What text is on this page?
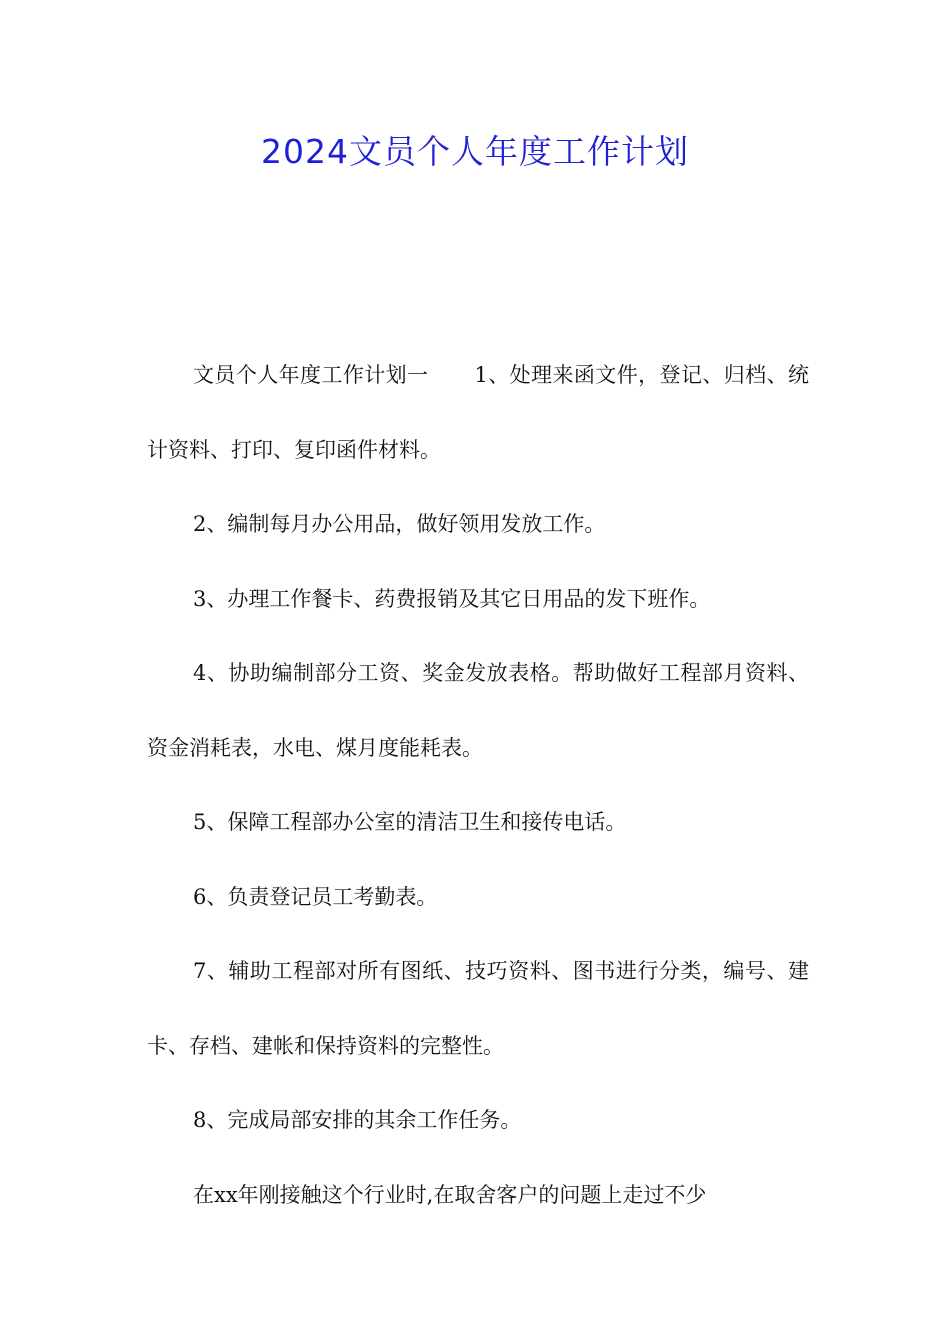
2024文员个人年度工作计划

文员个人年度工作计划一 1、处理来函文件，登记、归档、统计资料、打印、复印函件材料。

2、编制每月办公用品，做好领用发放工作。

3、办理工作餐卡、药费报销及其它日用品的发下班作。

4、协助编制部分工资、奖金发放表格。帮助做好工程部月资料、资金消耗表，水电、煤月度能耗表。

5、保障工程部办公室的清洁卫生和接传电话。

6、负责登记员工考勤表。

7、辅助工程部对所有图纸、技巧资料、图书进行分类，编号、建卡、存档、建帐和保持资料的完整性。

8、完成局部安排的其余工作任务。

在xx年刚接触这个行业时,在取舍客户的问题上走过不少
